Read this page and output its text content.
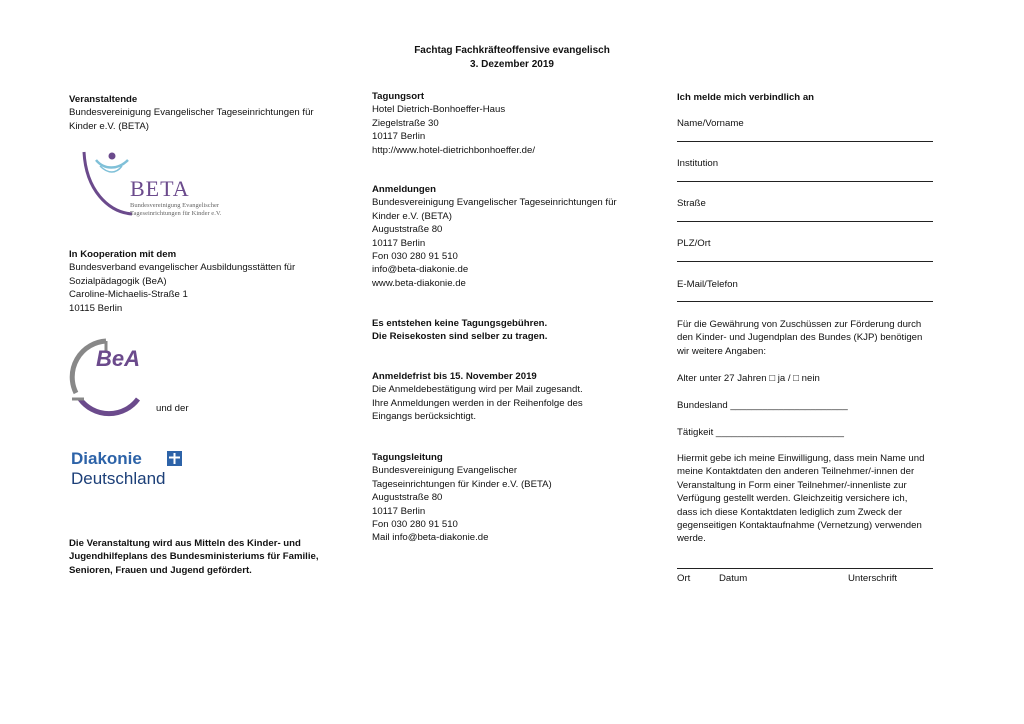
Fachtag Fachkräfteoffensive evangelisch
3. Dezember 2019
Veranstaltende
Bundesvereinigung Evangelischer Tageseinrichtungen für
Kinder e.V. (BETA)
BETA
Bundesvereinigung Evangelischer
Tageseinrichtungen für Kinder e.V.
In Kooperation mit dem
Bundesverband evangelischer Ausbildungsstätten für
Sozialpädagogik (BeA)
Caroline-Michaelis-Straße 1
10115 Berlin
BeA
und der
Diakonie
Deutschland
Die Veranstaltung wird aus Mitteln des Kinder- und
Jugendhilfeplans des Bundesministeriums für Familie,
Senioren, Frauen und Jugend gefördert.
Tagungsort
Hotel Dietrich-Bonhoeffer-Haus
Ziegelstraße 30
10117 Berlin
http://www.hotel-dietrichbonhoeffer.de/
Anmeldungen
Bundesvereinigung Evangelischer Tageseinrichtungen für
Kinder e.V. (BETA)
Auguststraße 80
10117 Berlin
Fon 030 280 91 510
info@beta-diakonie.de
www.beta-diakonie.de
Es entstehen keine Tagungsgebühren.
Die Reisekosten sind selber zu tragen.
Anmeldefrist bis 15. November 2019
Die Anmeldebestätigung wird per Mail zugesandt.
Ihre Anmeldungen werden in der Reihenfolge des
Eingangs berücksichtigt.
Tagungsleitung
Bundesvereinigung Evangelischer
Tageseinrichtungen für Kinder e.V. (BETA)
Auguststraße 80
10117 Berlin
Fon 030 280 91 510
Mail info@beta-diakonie.de
Ich melde mich verbindlich an
Name/Vorname
Institution
Straße
PLZ/Ort
E-Mail/Telefon
Für die Gewährung von Zuschüssen zur Förderung durch
den Kinder- und Jugendplan des Bundes (KJP) benötigen
wir weitere Angaben:
Alter unter 27 Jahren □ ja / □ nein
Bundesland ______________________
Tätigkeit ________________________
Hiermit gebe ich meine Einwilligung, dass mein Name und
meine Kontaktdaten den anderen Teilnehmer/-innen der
Veranstaltung in Form einer Teilnehmer/-innenliste zur
Verfügung gestellt werden. Gleichzeitig versichere ich,
dass ich diese Kontaktdaten lediglich zum Zweck der
gegenseitigen Kontaktaufnahme (Vernetzung) verwenden
werde.
Ort	Datum	Unterschrift
